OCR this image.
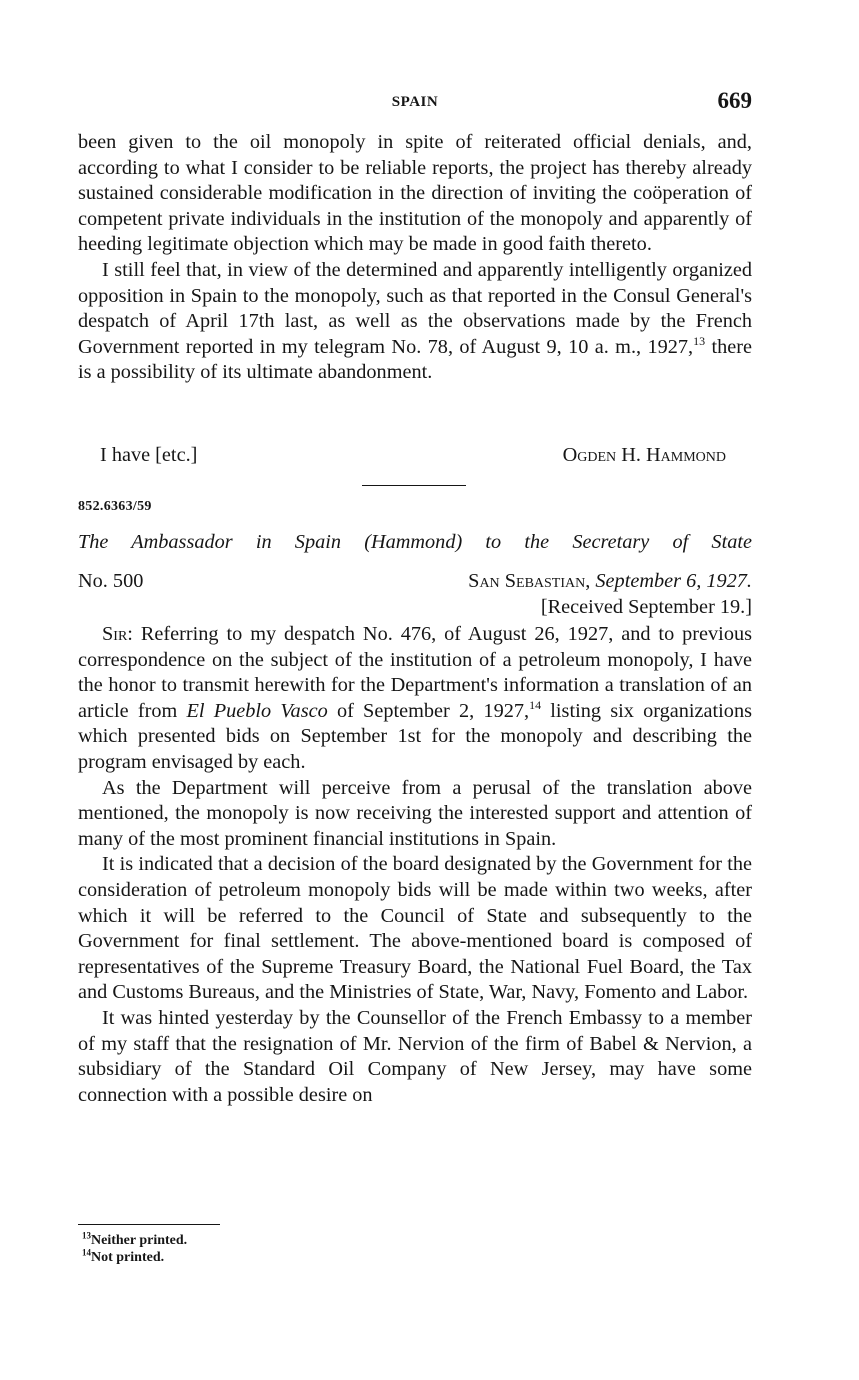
SPAIN	669

been given to the oil monopoly in spite of reiterated official denials, and, according to what I consider to be reliable reports, the project has thereby already sustained considerable modification in the direction of inviting the coöperation of competent private individuals in the institution of the monopoly and apparently of heeding legitimate objection which may be made in good faith thereto.

I still feel that, in view of the determined and apparently intelligently organized opposition in Spain to the monopoly, such as that reported in the Consul General's despatch of April 17th last, as well as the observations made by the French Government reported in my telegram No. 78, of August 9, 10 a. m., 1927,13 there is a possibility of its ultimate abandonment.

I have [etc.]	Ogden H. Hammond
852.6363/59
The Ambassador in Spain (Hammond) to the Secretary of State
No. 500	San Sebastian, September 6, 1927.
[Received September 19.]

Sir: Referring to my despatch No. 476, of August 26, 1927, and to previous correspondence on the subject of the institution of a petroleum monopoly, I have the honor to transmit herewith for the Department's information a translation of an article from El Pueblo Vasco of September 2, 1927,14 listing six organizations which presented bids on September 1st for the monopoly and describing the program envisaged by each.

As the Department will perceive from a perusal of the translation above mentioned, the monopoly is now receiving the interested support and attention of many of the most prominent financial institutions in Spain.

It is indicated that a decision of the board designated by the Government for the consideration of petroleum monopoly bids will be made within two weeks, after which it will be referred to the Council of State and subsequently to the Government for final settlement. The above-mentioned board is composed of representatives of the Supreme Treasury Board, the National Fuel Board, the Tax and Customs Bureaus, and the Ministries of State, War, Navy, Fomento and Labor.

It was hinted yesterday by the Counsellor of the French Embassy to a member of my staff that the resignation of Mr. Nervion of the firm of Babel & Nervion, a subsidiary of the Standard Oil Company of New Jersey, may have some connection with a possible desire on

$^{13}$Neither printed.

$^{14}$Not printed.
